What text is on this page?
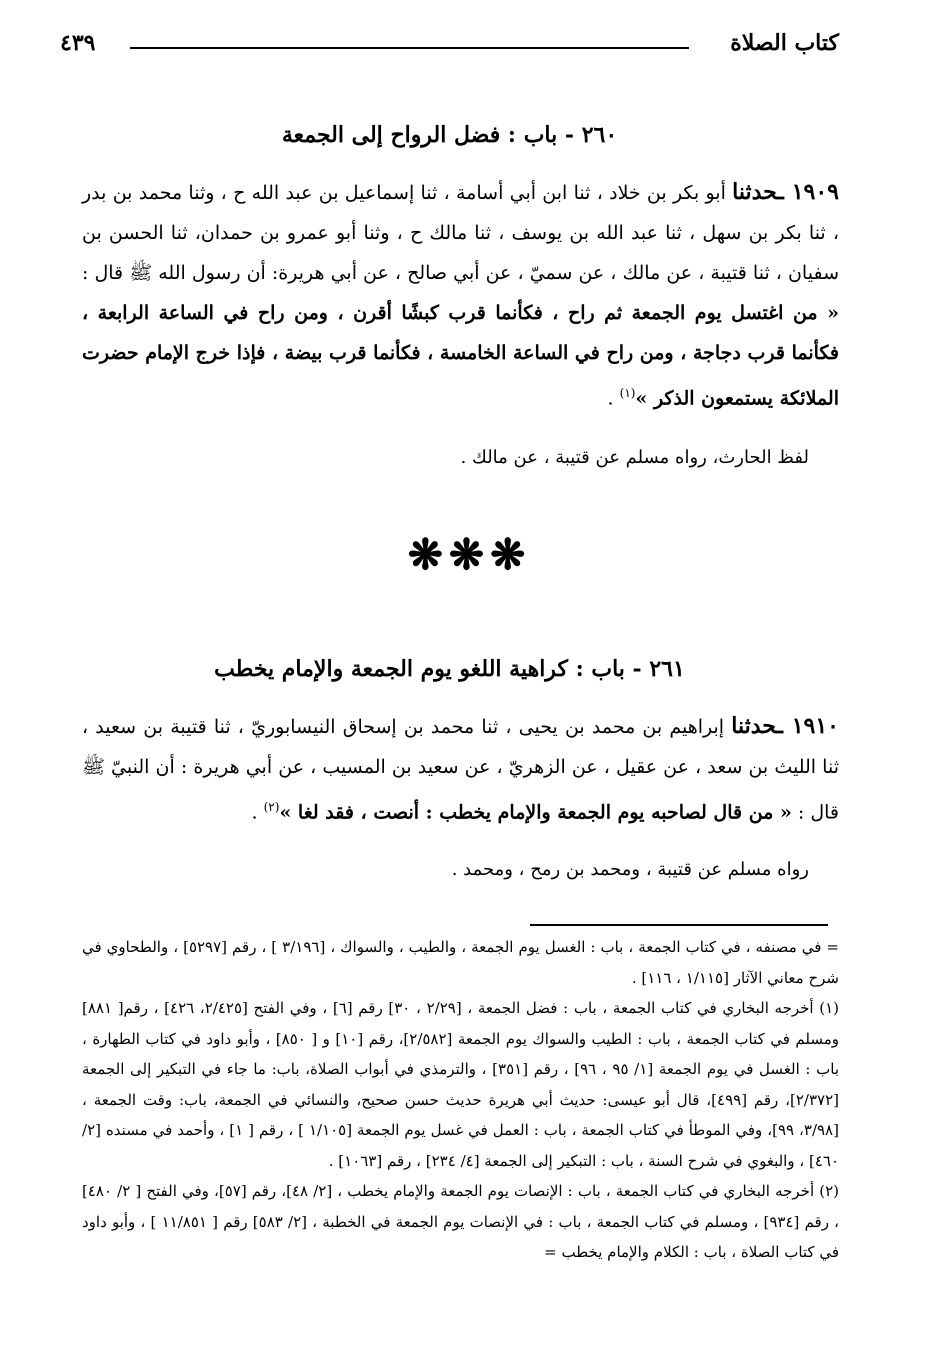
كتاب الصلاة
٤٣٩
٢٦٠ - باب : فضل الرواح إلى الجمعة
١٩٠٩ ـحدثنا أبو بكر بن خلاد ، ثنا ابن أبي أسامة ، ثنا إسماعيل بن عبد الله ح ، وثنا محمد بن بدر ، ثنا بكر بن سهل ، ثنا عبد الله بن يوسف ، ثنا مالك ح ، وثنا أبو عمرو بن حمدان، ثنا الحسن بن سفيان ، ثنا قتيبة ، عن مالك ، عن سميّ ، عن أبي صالح ، عن أبي هريرة: أن رسول الله ﷺ قال : « من اغتسل يوم الجمعة ثم راح ، فكأنما قرب كبشًا أقرن ، ومن راح في الساعة الرابعة ، فكأنما قرب دجاجة ، ومن راح في الساعة الخامسة ، فكأنما قرب بيضة ، فإذا خرج الإمام حضرت الملائكة يستمعون الذكر »$^{(١)}$ .
لفظ الحارث، رواه مسلم عن قتيبة ، عن مالك .
❋❋❋
٢٦١ - باب : كراهية اللغو يوم الجمعة والإمام يخطب
١٩١٠ ـحدثنا إبراهيم بن محمد بن يحيى ، ثنا محمد بن إسحاق النيسابوريّ ، ثنا قتيبة بن سعيد ، ثنا الليث بن سعد ، عن عقيل ، عن الزهريّ ، عن سعيد بن المسيب ، عن أبي هريرة : أن النبيّ ﷺ قال : « من قال لصاحبه يوم الجمعة والإمام يخطب : أنصت ، فقد لغا »$^{(٢)}$ .
رواه مسلم عن قتيبة ، ومحمد بن رمح ، ومحمد .

= في مصنفه ، في كتاب الجمعة ، باب : الغسل يوم الجمعة ، والطيب ، والسواك ، [٣/١٩٦ ] ، رقم [٥٢٩٧] ، والطحاوي في شرح معاني الآثار [١/١١٥ ، ١١٦] .

(١) أخرجه البخاري في كتاب الجمعة ، باب : فضل الجمعة ، [٢/٢٩ ، ٣٠] رقم [٦] ، وفي الفتح [٢/٤٢٥، ٤٢٦] ، رقم[ ٨٨١] ومسلم في كتاب الجمعة ، باب : الطيب والسواك يوم الجمعة [٢/٥٨٢]، رقم [١٠] و [ ٨٥٠] ، وأبو داود في كتاب الطهارة ، باب : الغسل في يوم الجمعة [١/ ٩٥ ، ٩٦] ، رقم [٣٥١] ، والترمذي في أبواب الصلاة، باب: ما جاء في التبكير إلى الجمعة [٢/٣٧٢]، رقم [٤٩٩]، قال أبو عيسى: حديث أبي هريرة حديث حسن صحيح، والنسائي في الجمعة، باب: وقت الجمعة ، [٣/٩٨، ٩٩]، وفي الموطأ في كتاب الجمعة ، باب : العمل في غسل يوم الجمعة [١/١٠٥ ] ، رقم [ ١] ، وأحمد في مسنده [٢/ ٤٦٠] ، والبغوي في شرح السنة ، باب : التبكير إلى الجمعة [٤/ ٢٣٤] ، رقم [١٠٦٣] .

(٢) أخرجه البخاري في كتاب الجمعة ، باب : الإنصات يوم الجمعة والإمام يخطب ، [٢/ ٤٨]، رقم [٥٧]، وفي الفتح [ ٢/ ٤٨٠] ، رقم [٩٣٤] ، ومسلم في كتاب الجمعة ، باب : في الإنصات يوم الجمعة في الخطبة ، [٢/ ٥٨٣] رقم [ ١١/٨٥١ ] ، وأبو داود في كتاب الصلاة ، باب : الكلام والإمام يخطب =
